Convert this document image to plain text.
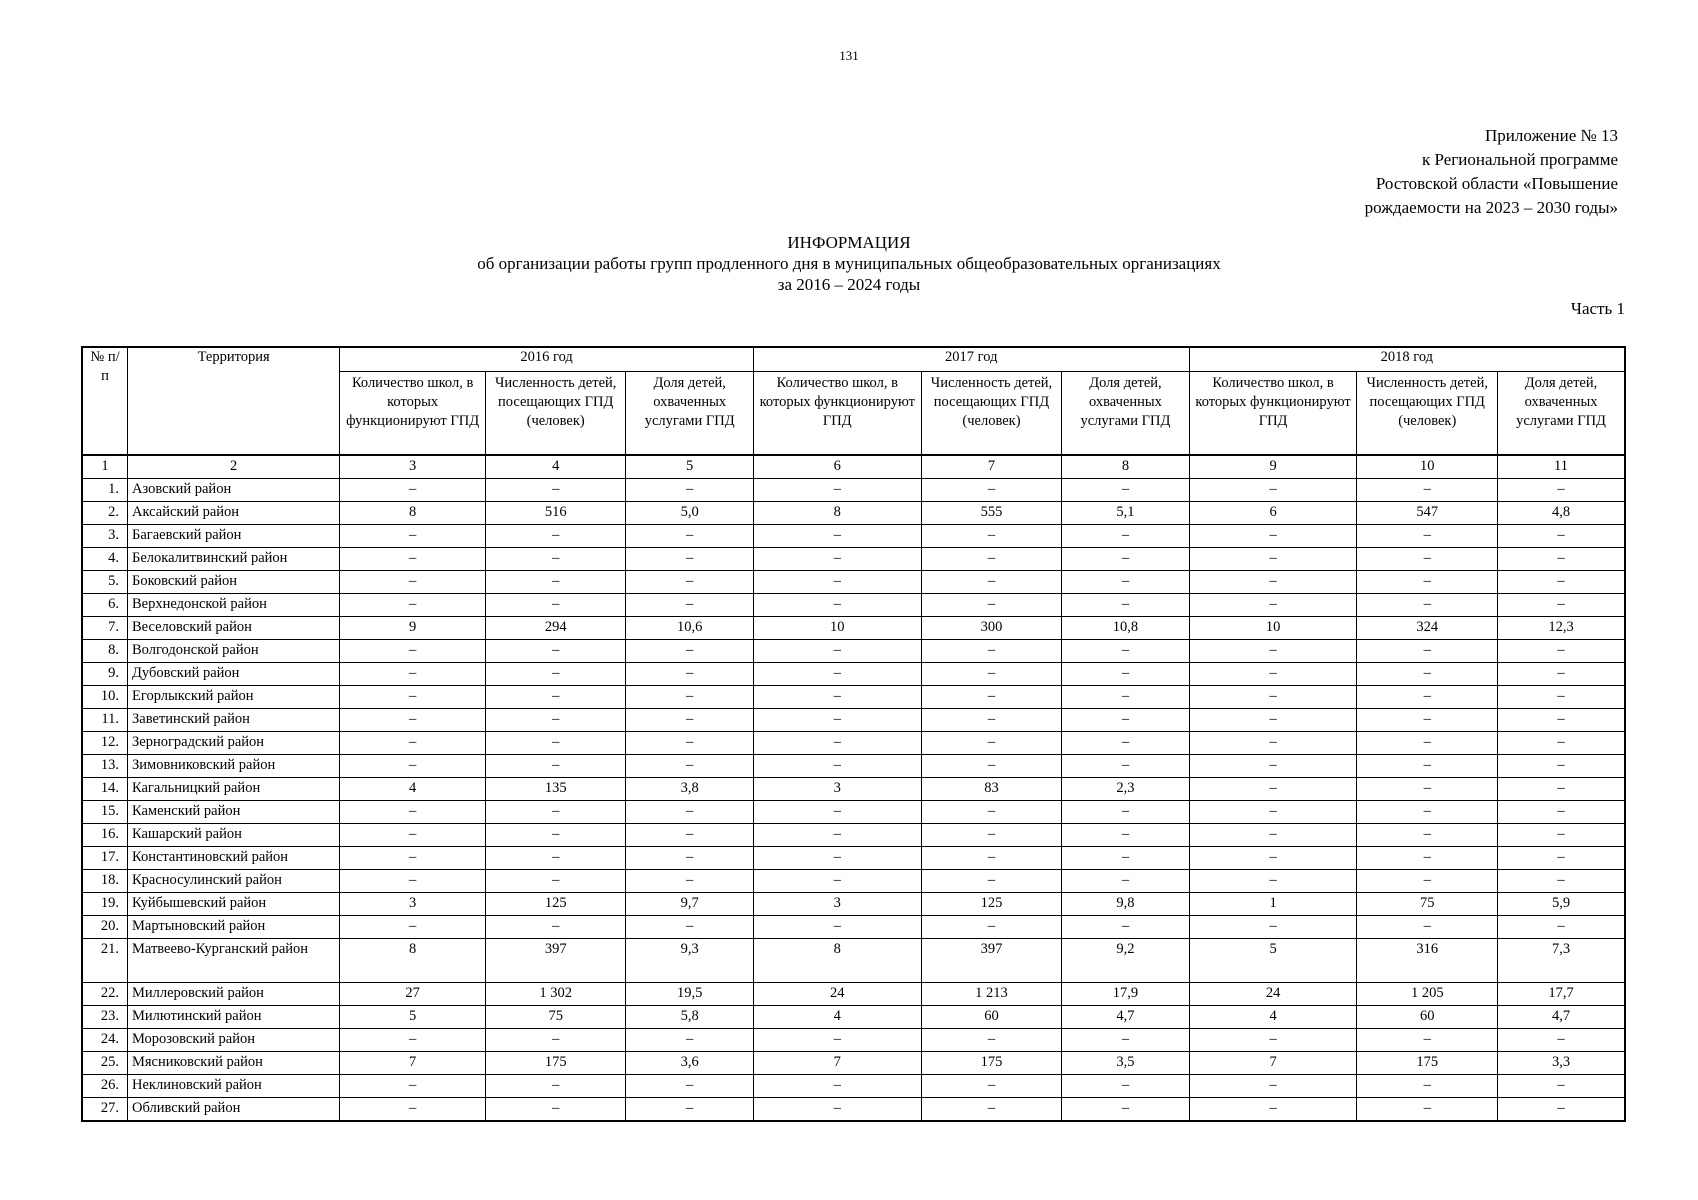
131
Приложение № 13
к Региональной программе
Ростовской области «Повышение
рождаемости на 2023 – 2030 годы»
ИНФОРМАЦИЯ
об организации работы групп продленного дня в муниципальных общеобразовательных организациях
за 2016 – 2024 годы
Часть 1
№ п/п	Территория	2016 год			2017 год			2018 год		
		Количество школ, в которых функционируют ГПД	Численность детей, посещающих ГПД (человек)	Доля детей, охваченных услугами ГПД	Количество школ, в которых функционируют ГПД	Численность детей, посещающих ГПД (человек)	Доля детей, охваченных услугами ГПД	Количество школ, в которых функционируют ГПД	Численность детей, посещающих ГПД (человек)	Доля детей, охваченных услугами ГПД
1	2	3	4	5	6	7	8	9	10	11
1.	Азовский район	–	–	–	–	–	–	–	–	–
2.	Аксайский район	8	516	5,0	8	555	5,1	6	547	4,8
3.	Багаевский район	–	–	–	–	–	–	–	–	–
4.	Белокалитвинский район	–	–	–	–	–	–	–	–	–
5.	Боковский район	–	–	–	–	–	–	–	–	–
6.	Верхнедонской район	–	–	–	–	–	–	–	–	–
7.	Веселовский район	9	294	10,6	10	300	10,8	10	324	12,3
8.	Волгодонской район	–	–	–	–	–	–	–	–	–
9.	Дубовский район	–	–	–	–	–	–	–	–	–
10.	Егорлыкский район	–	–	–	–	–	–	–	–	–
11.	Заветинский район	–	–	–	–	–	–	–	–	–
12.	Зерноградский район	–	–	–	–	–	–	–	–	–
13.	Зимовниковский район	–	–	–	–	–	–	–	–	–
14.	Кагальницкий район	4	135	3,8	3	83	2,3	–	–	–
15.	Каменский район	–	–	–	–	–	–	–	–	–
16.	Кашарский район	–	–	–	–	–	–	–	–	–
17.	Константиновский район	–	–	–	–	–	–	–	–	–
18.	Красносулинский район	–	–	–	–	–	–	–	–	–
19.	Куйбышевский район	3	125	9,7	3	125	9,8	1	75	5,9
20.	Мартыновский район	–	–	–	–	–	–	–	–	–
21.	Матвеево-Курганский район	8	397	9,3	8	397	9,2	5	316	7,3
22.	Миллеровский район	27	1 302	19,5	24	1 213	17,9	24	1 205	17,7
23.	Милютинский район	5	75	5,8	4	60	4,7	4	60	4,7
24.	Морозовский район	–	–	–	–	–	–	–	–	–
25.	Мясниковский район	7	175	3,6	7	175	3,5	7	175	3,3
26.	Неклиновский район	–	–	–	–	–	–	–	–	–
27.	Обливский район	–	–	–	–	–	–	–	–	–
